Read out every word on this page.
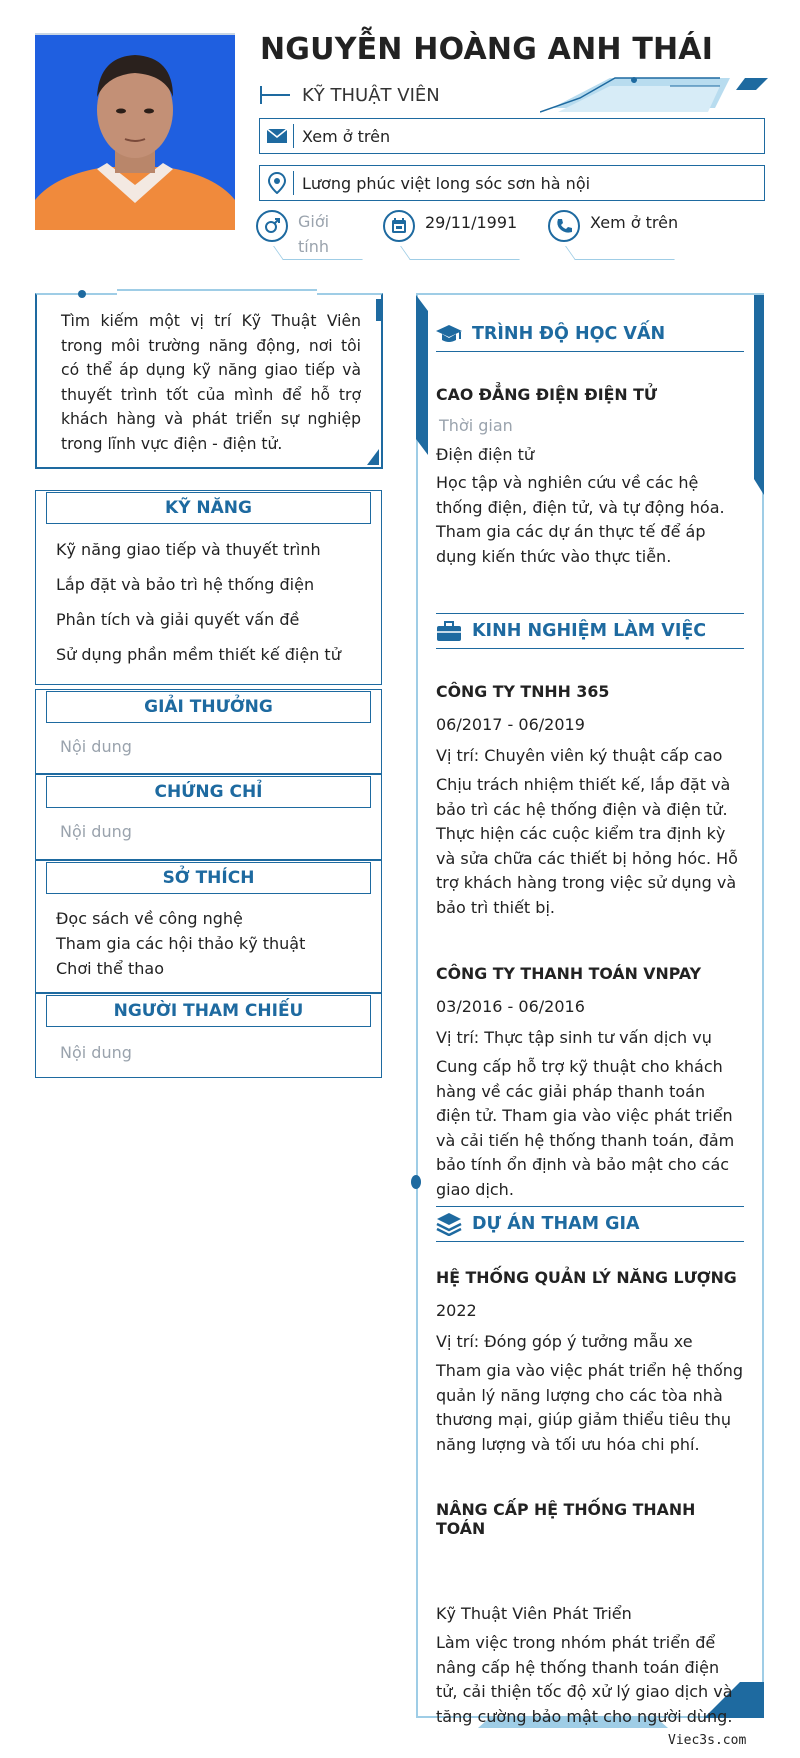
NGUYỄN HOÀNG ANH THÁI
KỸ THUẬT VIÊN
Xem ở trên
Lương phúc việt long sóc sơn hà nội
Giới tính
29/11/1991	Xem ở trên
Tìm kiếm một vị trí Kỹ Thuật Viên trong môi trường năng động, nơi tôi có thể áp dụng kỹ năng giao tiếp và thuyết trình tốt của mình để hỗ trợ khách hàng và phát triển sự nghiệp trong lĩnh vực điện - điện tử.
KỸ NĂNG
Kỹ năng giao tiếp và thuyết trình
Lắp đặt và bảo trì hệ thống điện
Phân tích và giải quyết vấn đề
Sử dụng phần mềm thiết kế điện tử
GIẢI THƯỞNG
Nội dung
CHỨNG CHỈ
Nội dung
SỞ THÍCH
Đọc sách về công nghệ
Tham gia các hội thảo kỹ thuật
Chơi thể thao
NGƯỜI THAM CHIẾU
Nội dung
TRÌNH ĐỘ HỌC VẤN
CAO ĐẲNG ĐIỆN ĐIỆN TỬ
Thời gian
Điện điện tử
Học tập và nghiên cứu về các hệ thống điện, điện tử, và tự động hóa. Tham gia các dự án thực tế để áp dụng kiến thức vào thực tiễn.
KINH NGHIỆM LÀM VIỆC
CÔNG TY TNHH 365
06/2017 - 06/2019
Vị trí: Chuyên viên ký thuật cấp cao
Chịu trách nhiệm thiết kế, lắp đặt và bảo trì các hệ thống điện và điện tử. Thực hiện các cuộc kiểm tra định kỳ và sửa chữa các thiết bị hỏng hóc. Hỗ trợ khách hàng trong việc sử dụng và bảo trì thiết bị.
CÔNG TY THANH TOÁN VNPAY
03/2016 - 06/2016
Vị trí: Thực tập sinh tư vấn dịch vụ
Cung cấp hỗ trợ kỹ thuật cho khách hàng về các giải pháp thanh toán điện tử. Tham gia vào việc phát triển và cải tiến hệ thống thanh toán, đảm bảo tính ổn định và bảo mật cho các giao dịch.
DỰ ÁN THAM GIA
HỆ THỐNG QUẢN LÝ NĂNG LƯỢNG
2022
Vị trí: Đóng góp ý tưởng mẫu xe
Tham gia vào việc phát triển hệ thống quản lý năng lượng cho các tòa nhà thương mại, giúp giảm thiểu tiêu thụ năng lượng và tối ưu hóa chi phí.
NÂNG CẤP HỆ THỐNG THANH TOÁN
Kỹ Thuật Viên Phát Triển
Làm việc trong nhóm phát triển để nâng cấp hệ thống thanh toán điện tử, cải thiện tốc độ xử lý giao dịch và tăng cường bảo mật cho người dùng.
Viec3s.com
